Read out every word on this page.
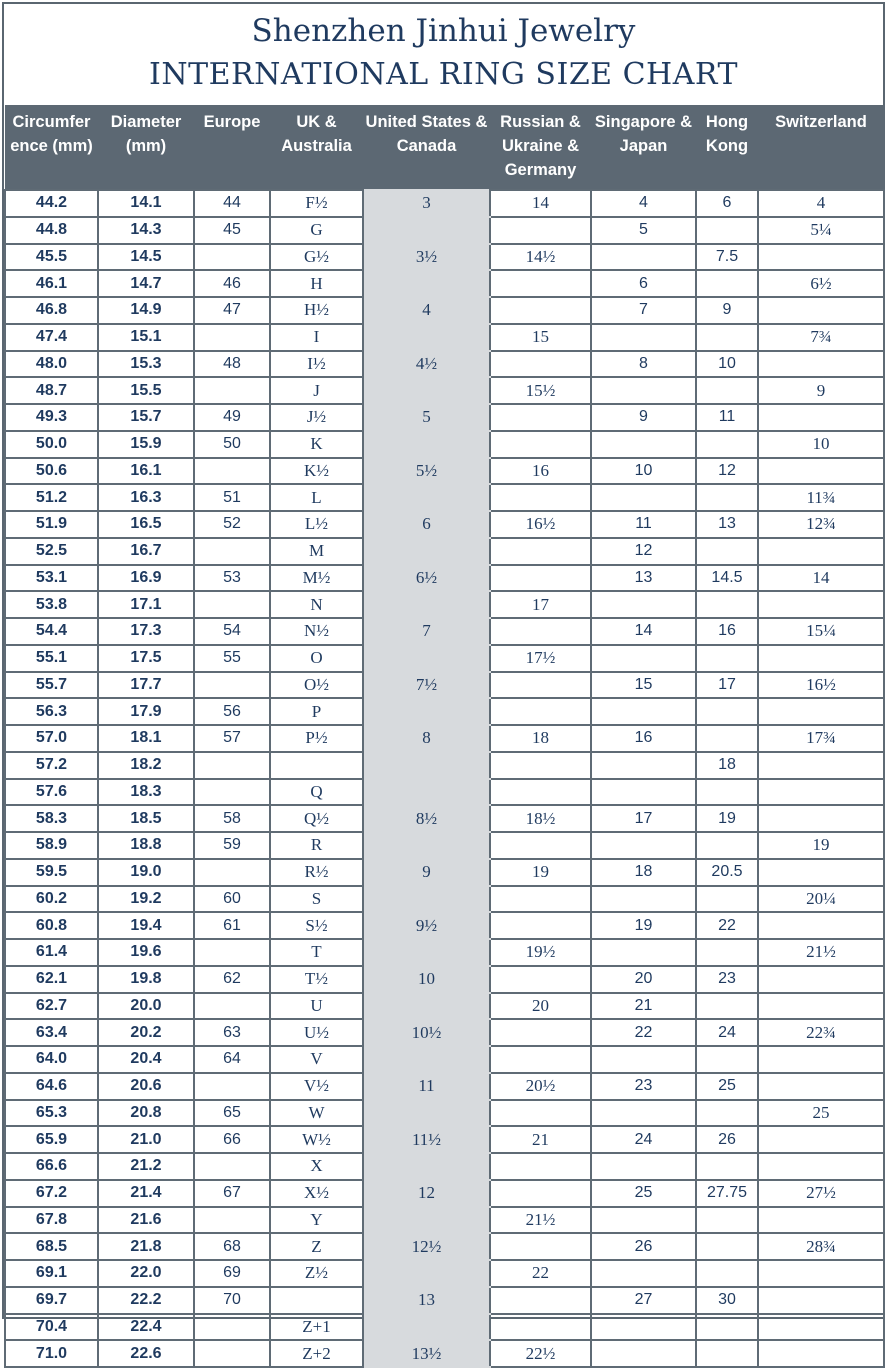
Shenzhen Jinhui Jewelry
INTERNATIONAL RING SIZE CHART
Circumfer ence (mm)	Diameter (mm)	Europe	UK & Australia	United States & Canada	Russian & Ukraine & Germany	Singapore & Japan	Hong Kong	Switzerland
44.2	14.1	44	F½	3	14	4	6	4
44.8	14.3	45	G			5		5¼
45.5	14.5		G½	3½	14½		7.5	
46.1	14.7	46	H			6		6½
46.8	14.9	47	H½	4		7	9	
47.4	15.1		I		15			7¾
48.0	15.3	48	I½	4½		8	10	
48.7	15.5		J		15½			9
49.3	15.7	49	J½	5		9	11	
50.0	15.9	50	K					10
50.6	16.1		K½	5½	16	10	12	
51.2	16.3	51	L					11¾
51.9	16.5	52	L½	6	16½	11	13	12¾
52.5	16.7		M			12		
53.1	16.9	53	M½	6½		13	14.5	14
53.8	17.1		N		17			
54.4	17.3	54	N½	7		14	16	15¼
55.1	17.5	55	O		17½			
55.7	17.7		O½	7½		15	17	16½
56.3	17.9	56	P					
57.0	18.1	57	P½	8	18	16		17¾
57.2	18.2						18	
57.6	18.3		Q					
58.3	18.5	58	Q½	8½	18½	17	19	
58.9	18.8	59	R					19
59.5	19.0		R½	9	19	18	20.5	
60.2	19.2	60	S					20¼
60.8	19.4	61	S½	9½		19	22	
61.4	19.6		T		19½			21½
62.1	19.8	62	T½	10		20	23	
62.7	20.0		U		20	21		
63.4	20.2	63	U½	10½		22	24	22¾
64.0	20.4	64	V					
64.6	20.6		V½	11	20½	23	25	
65.3	20.8	65	W					25
65.9	21.0	66	W½	11½	21	24	26	
66.6	21.2		X					
67.2	21.4	67	X½	12		25	27.75	27½
67.8	21.6		Y		21½			
68.5	21.8	68	Z	12½		26		28¾
69.1	22.0	69	Z½		22			
69.7	22.2	70		13		27	30	
70.4	22.4		Z+1					
71.0	22.6		Z+2	13½	22½			
